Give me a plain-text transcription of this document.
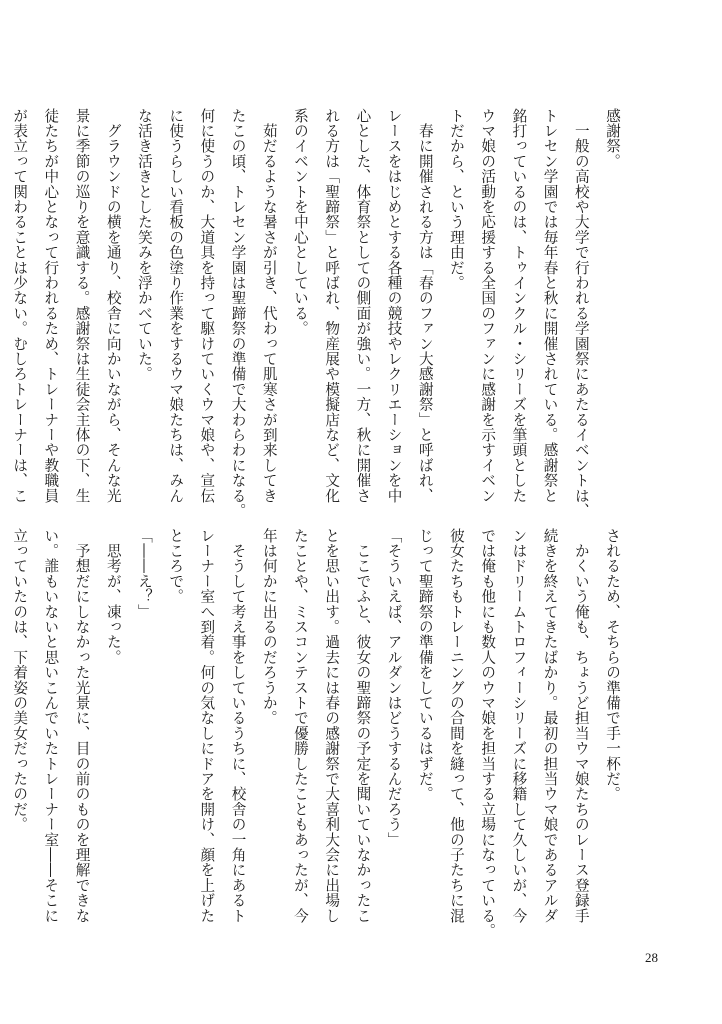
感謝祭。

　一般の高校や大学で行われる学園祭にあたるイベントは、

トレセン学園では毎年春と秋に開催されている。感謝祭と

銘打っているのは、トゥインクル・シリーズを筆頭とした

ウマ娘の活動を応援する全国のファンに感謝を示すイベン

トだから、という理由だ。

　春に開催される方は「春のファン大感謝祭」と呼ばれ、

レースをはじめとする各種の競技やレクリエーションを中

心とした、体育祭としての側面が強い。一方、秋に開催さ

れる方は「聖蹄祭」と呼ばれ、物産展や模擬店など、文化

系のイベントを中心としている。

　茹だるような暑さが引き、代わって肌寒さが到来してき

たこの頃、トレセン学園は聖蹄祭の準備で大わらわになる。

何に使うのか、大道具を持って駆けていくウマ娘や、宣伝

に使うらしい看板の色塗り作業をするウマ娘たちは、みん

な活き活きとした笑みを浮かべていた。

　グラウンドの横を通り、校舎に向かいながら、そんな光

景に季節の巡りを意識する。感謝祭は生徒会主体の下、生

徒たちが中心となって行われるため、トレーナーや教職員

が表立って関わることは少ない。むしろトレーナーは、こ

されるため、そちらの準備で手一杯だ。

　かくいう俺も、ちょうど担当ウマ娘たちのレース登録手

続きを終えてきたばかり。最初の担当ウマ娘であるアルダ

ンはドリームトロフィーシリーズに移籍して久しいが、今

では俺も他にも数人のウマ娘を担当する立場になっている。

彼女たちもトレーニングの合間を縫って、他の子たちに混

じって聖蹄祭の準備をしているはずだ。

「そういえば、アルダンはどうするんだろう」

　ここでふと、彼女の聖蹄祭の予定を聞いていなかったこ

とを思い出す。過去には春の感謝祭で大喜利大会に出場し

たことや、ミスコンテストで優勝したこともあったが、今

年は何かに出るのだろうか。

　そうして考え事をしているうちに、校舎の一角にあるト

レーナー室へ到着。何の気なしにドアを開け、顔を上げた

ところで。

「――え？」

　思考が、凍った。

　予想だにしなかった光景に、目の前のものを理解できな

い。誰もいないと思いこんでいたトレーナー室――そこに

立っていたのは、下着姿の美女だったのだ。

28
